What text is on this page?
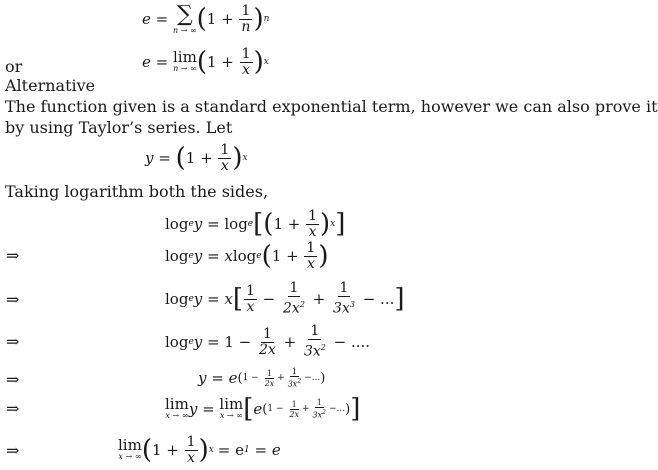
e = ∑
n → ∞ ( $1 + \frac{1}{n}$ ) n
or	e = lim
n → ∞ ( $1 + \frac{1}{x}$ ) x
Alternative
The function given is a standard exponential term, however we can also prove it
by using Taylor’s series. Let
y = ( $1 + \frac{1}{x}$ ) x
Taking logarithm both the sides,
log e y = log e [ ( $1 + \frac{1}{x}$ ) x ]
⇒	log e y = x log e ( $1 + \frac{1}{x}$ )
⇒	log e y = x [ $\frac{1}{x} - \frac{1}{2x^2} + \frac{1}{3x^3}$ − ... ]
⇒	log e $y = 1 - \frac{1}{2x} + \frac{1}{3x^2}$ − ....
⇒	y = e ( $1 - \frac{1}{2x} + \frac{1}{3x^2}$ − ... )
⇒	lim
x → ∞ y = lim
x → ∞ [ e ( $1 - \frac{1}{2x} + \frac{1}{3x^2}$ − ... ) ]
⇒	lim
x → ∞ ( $1 + \frac{1}{x}$ ) x = e 1
= e
